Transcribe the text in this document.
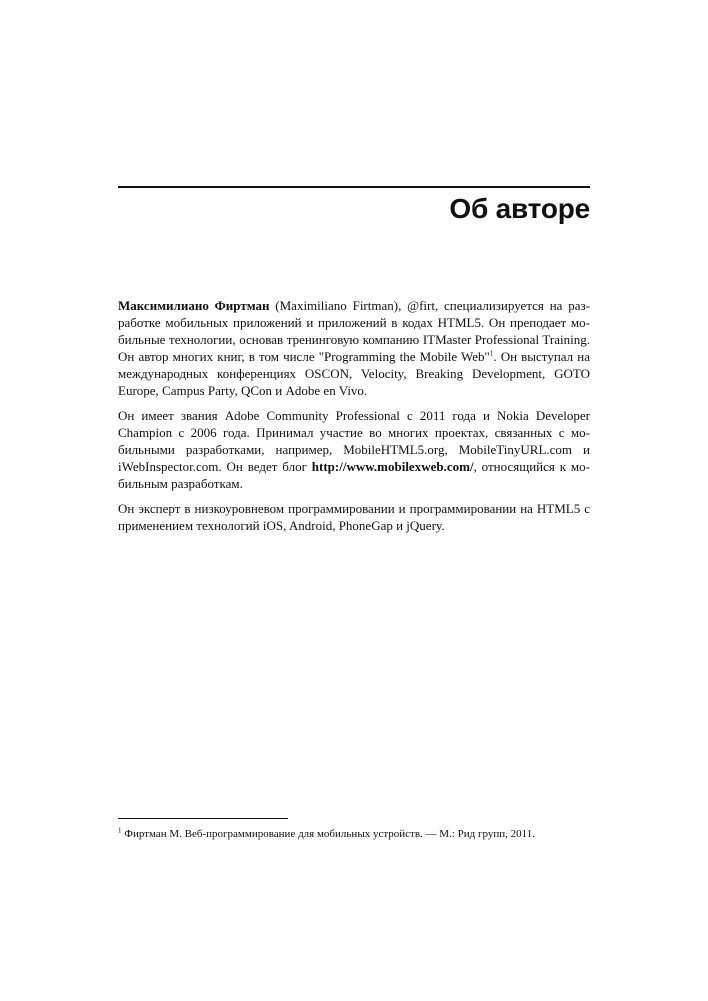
Об авторе

Максимилиано Фиртман (Maximiliano Firtman), @firt, специализируется на разработке мобильных приложений и приложений в кодах HTML5. Он преподает мобильные технологии, основав тренинговую компанию ITMaster Professional Training. Он автор многих книг, в том числе "Programming the Mobile Web"$^1$. Он выступал на международных конференциях OSCON, Velocity, Breaking Development, GOTO Europe, Campus Party, QCon и Adobe en Vivo.

Он имеет звания Adobe Community Professional с 2011 года и Nokia Developer Champion с 2006 года. Принимал участие во многих проектах, связанных с мобильными разработками, например, MobileHTML5.org, MobileTinyURL.com и iWebInspector.com. Он ведет блог http://www.mobilexweb.com/, относящийся к мобильным разработкам.

Он эксперт в низкоуровневом программировании и программировании на HTML5 с применением технологий iOS, Android, PhoneGap и jQuery.

$^1$ Фиртман М. Веб-программирование для мобильных устройств. — М.: Рид групп, 2011.
